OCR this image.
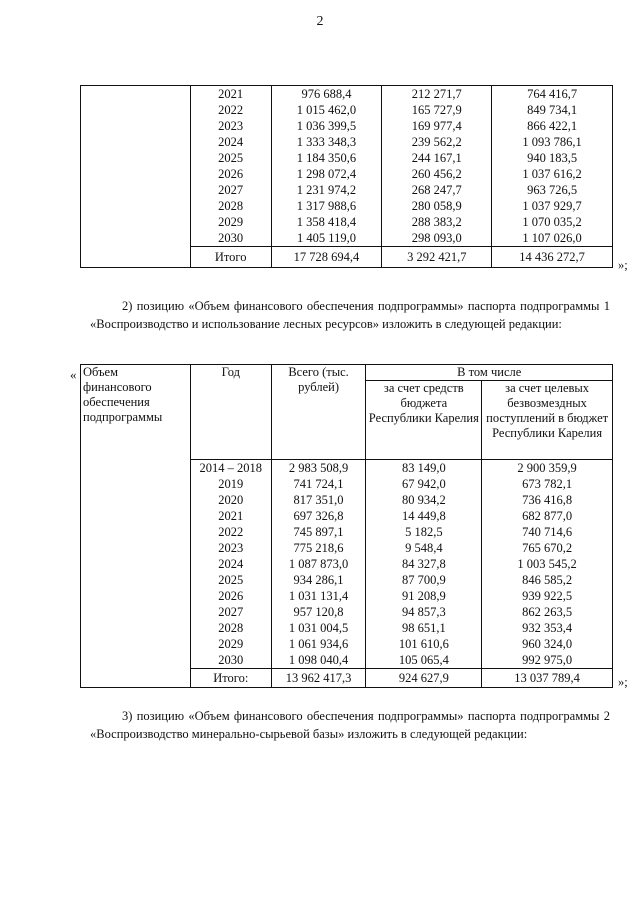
2
	2021	976 688,4	212 271,7	764 416,7
	2022	1 015 462,0	165 727,9	849 734,1
	2023	1 036 399,5	169 977,4	866 422,1
	2024	1 333 348,3	239 562,2	1 093 786,1
	2025	1 184 350,6	244 167,1	940 183,5
	2026	1 298 072,4	260 456,2	1 037 616,2
	2027	1 231 974,2	268 247,7	963 726,5
	2028	1 317 988,6	280 058,9	1 037 929,7
	2029	1 358 418,4	288 383,2	1 070 035,2
	2030	1 405 119,0	298 093,0	1 107 026,0
	Итого	17 728 694,4	3 292 421,7	14 436 272,7
»;
2) позицию «Объем финансового обеспечения подпрограммы» паспорта подпрограммы 1 «Воспроизводство и использование лесных ресурсов» изложить в следующей редакции:
« Объем финансового обеспечения подпрограммы	Год	Всего (тыс. рублей)	В том числе	
			за счет средств бюджета Республики Карелия	за счет целевых безвозмездных поступлений в бюджет Республики Карелия
	2014 – 2018	2 983 508,9	83 149,0	2 900 359,9
	2019	741 724,1	67 942,0	673 782,1
	2020	817 351,0	80 934,2	736 416,8
	2021	697 326,8	14 449,8	682 877,0
	2022	745 897,1	5 182,5	740 714,6
	2023	775 218,6	9 548,4	765 670,2
	2024	1 087 873,0	84 327,8	1 003 545,2
	2025	934 286,1	87 700,9	846 585,2
	2026	1 031 131,4	91 208,9	939 922,5
	2027	957 120,8	94 857,3	862 263,5
	2028	1 031 004,5	98 651,1	932 353,4
	2029	1 061 934,6	101 610,6	960 324,0
	2030	1 098 040,4	105 065,4	992 975,0
	Итого:	13 962 417,3	924 627,9	13 037 789,4	»;
3) позицию «Объем финансового обеспечения подпрограммы» паспорта подпрограммы 2 «Воспроизводство минерально-сырьевой базы» изложить в следующей редакции:
